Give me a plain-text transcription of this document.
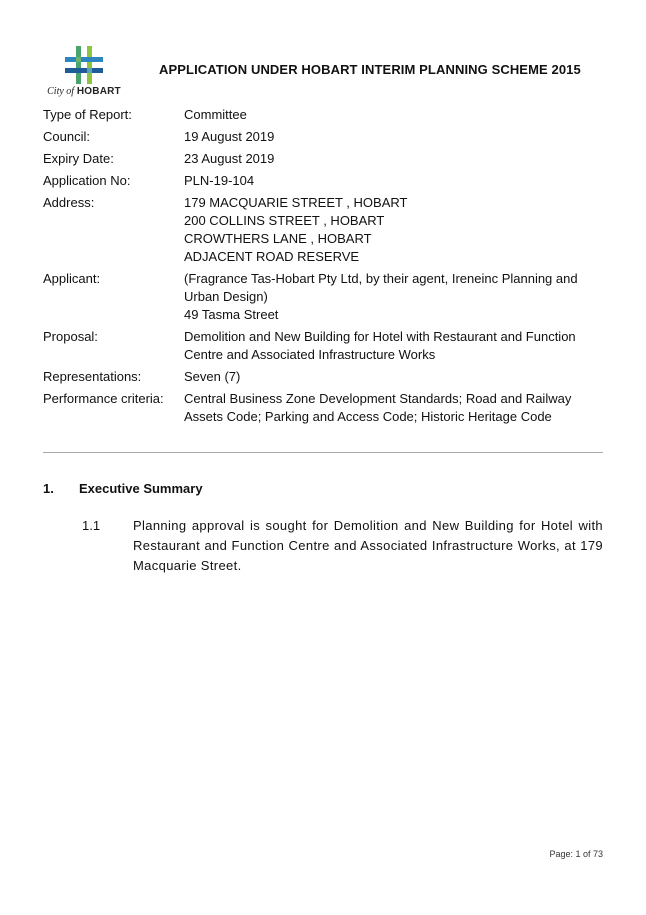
City of HOBART
APPLICATION UNDER HOBART INTERIM PLANNING SCHEME 2015
Type of Report:	Committee
Council:	19 August 2019
Expiry Date:	23 August 2019
Application No:	PLN-19-104
Address:	179 MACQUARIE STREET , HOBART
200 COLLINS STREET , HOBART
CROWTHERS LANE , HOBART
ADJACENT ROAD RESERVE
Applicant:	(Fragrance Tas-Hobart Pty Ltd, by their agent, Ireneinc Planning and Urban Design)
49 Tasma Street
Proposal:	Demolition and New Building for Hotel with Restaurant and Function Centre and Associated Infrastructure Works
Representations:	Seven (7)
Performance criteria:	Central Business Zone Development Standards; Road and Railway Assets Code; Parking and Access Code; Historic Heritage Code
1. Executive Summary
1.1	Planning approval is sought for Demolition and New Building for Hotel with Restaurant and Function Centre and Associated Infrastructure Works, at 179 Macquarie Street.
Page: 1 of 73
